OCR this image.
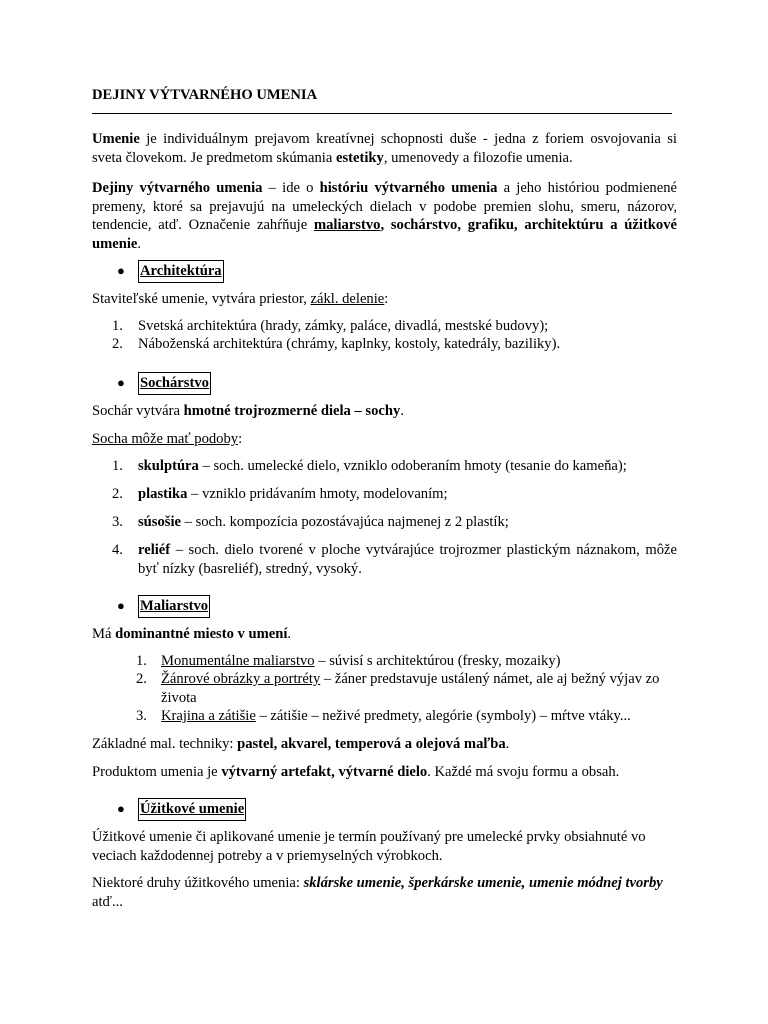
DEJINY VÝTVARNÉHO UMENIA

Umenie je individuálnym prejavom kreatívnej schopnosti duše - jedna z foriem osvojovania si sveta človekom. Je predmetom skúmania estetiky, umenovedy a filozofie umenia.

Dejiny výtvarného umenia – ide o históriu výtvarného umenia a jeho históriou podmienené premeny, ktoré sa prejavujú na umeleckých dielach v podobe premien slohu, smeru, názorov, tendencie, atď. Označenie zahŕňuje maliarstvo, sochárstvo, grafiku, architektúru a úžitkové umenie.

● Architektúra

Staviteľské umenie, vytvára priestor, zákl. delenie:

1. Svetská architektúra (hrady, zámky, paláce, divadlá, mestské budovy);
2. Náboženská architektúra (chrámy, kaplnky, kostoly, katedrály, baziliky).
● Sochárstvo

Sochár vytvára hmotné trojrozmerné diela – sochy.

Socha môže mať podoby:

1. skulptúra – soch. umelecké dielo, vzniklo odoberaním hmoty (tesanie do kameňa);
2. plastika – vzniklo pridávaním hmoty, modelovaním;
3. súsošie – soch. kompozícia pozostávajúca najmenej z 2 plastík;
4. reliéf – soch. dielo tvorené v ploche vytvárajúce trojrozmer plastickým náznakom, môže byť nízky (basreliéf), stredný, vysoký.
● Maliarstvo

Má dominantné miesto v umení.

1. Monumentálne maliarstvo – súvisí s architektúrou (fresky, mozaiky)
2. Žánrové obrázky a portréty – žáner predstavuje ustálený námet, ale aj bežný výjav zo života
3. Krajina a zátišie – zátišie – neživé predmety, alegórie (symboly) – mŕtve vtáky...

Základné mal. techniky: pastel, akvarel, temperová a olejová maľba.

Produktom umenia je výtvarný artefakt, výtvarné dielo. Každé má svoju formu a obsah.

● Úžitkové umenie

Úžitkové umenie či aplikované umenie je termín používaný pre umelecké prvky obsiahnuté vo veciach každodennej potreby a v priemyselných výrobkoch.

Niektoré druhy úžitkového umenia: sklárske umenie, šperkárske umenie, umenie módnej tvorby atď...
